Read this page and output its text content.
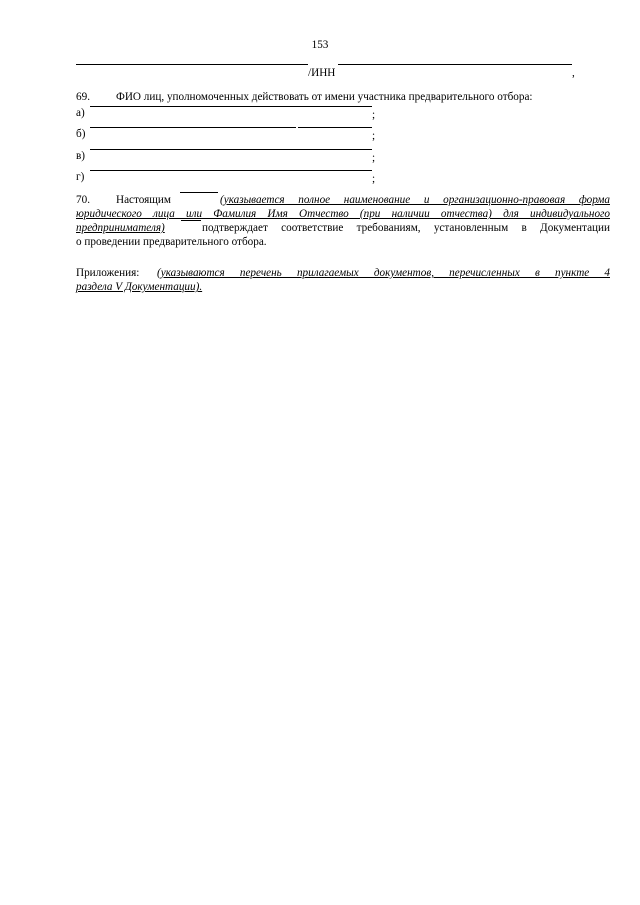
153
/ИНН	,
69. ФИО лиц, уполномоченных действовать от имени участника предварительного отбора:
а)	;
б)	;
в)	;
г)	;
70. Настоящим	(указывается полное наименование и организационно-правовая форма
юридического лица или Фамилия Имя Отчество (при наличии отчества) для индивидуального
предпринимателя)	подтверждает соответствие требованиям, установленным в Документации
о проведении предварительного отбора.
Приложения: (указываются перечень прилагаемых документов, перечисленных в пункте 4
раздела V Документации).
